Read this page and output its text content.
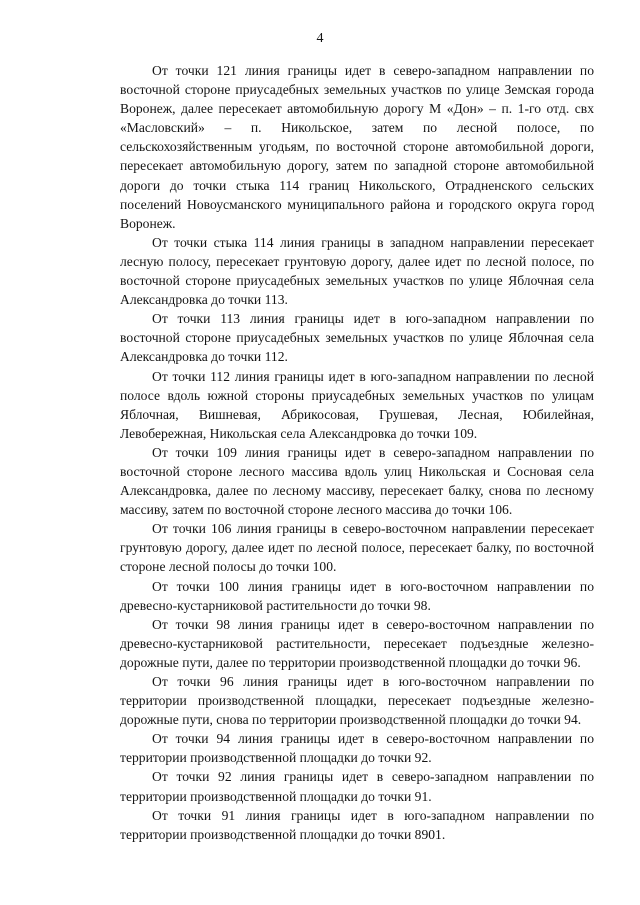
4

От точки 121 линия границы идет в северо-западном направлении по восточной стороне приусадебных земельных участков по улице Земская города Воронеж, далее пересекает автомобильную дорогу М «Дон» – п. 1-го отд. свх «Масловский» – п. Никольское, затем по лесной полосе, по сельскохозяйственным угодьям, по восточной стороне автомобильной дороги, пересекает автомобильную дорогу, затем по западной стороне автомобильной дороги до точки стыка 114 границ Никольского, Отрадненского сельских поселений Новоусманского муниципального района и городского округа город Воронеж.

От точки стыка 114 линия границы в западном направлении пересекает лесную полосу, пересекает грунтовую дорогу, далее идет по лесной полосе, по восточной стороне приусадебных земельных участков по улице Яблочная села Александровка до точки 113.

От точки 113 линия границы идет в юго-западном направлении по восточной стороне приусадебных земельных участков по улице Яблочная села Александровка до точки 112.

От точки 112 линия границы идет в юго-западном направлении по лесной полосе вдоль южной стороны приусадебных земельных участков по улицам Яблочная, Вишневая, Абрикосовая, Грушевая, Лесная, Юбилейная, Левобережная, Никольская села Александровка до точки 109.

От точки 109 линия границы идет в северо-западном направлении по восточной стороне лесного массива вдоль улиц Никольская и Сосновая села Александровка, далее по лесному массиву, пересекает балку, снова по лесному массиву, затем по восточной стороне лесного массива до точки 106.

От точки 106 линия границы в северо-восточном направлении пересекает грунтовую дорогу, далее идет по лесной полосе, пересекает балку, по восточной стороне лесной полосы до точки 100.

От точки 100 линия границы идет в юго-восточном направлении по древесно-кустарниковой растительности до точки 98.

От точки 98 линия границы идет в северо-восточном направлении по древесно-кустарниковой растительности, пересекает подъездные железнодорожные пути, далее по территории производственной площадки до точки 96.

От точки 96 линия границы идет в юго-восточном направлении по территории производственной площадки, пересекает подъездные железнодорожные пути, снова по территории производственной площадки до точки 94.

От точки 94 линия границы идет в северо-восточном направлении по территории производственной площадки до точки 92.

От точки 92 линия границы идет в северо-западном направлении по территории производственной площадки до точки 91.

От точки 91 линия границы идет в юго-западном направлении по территории производственной площадки до точки 8901.
